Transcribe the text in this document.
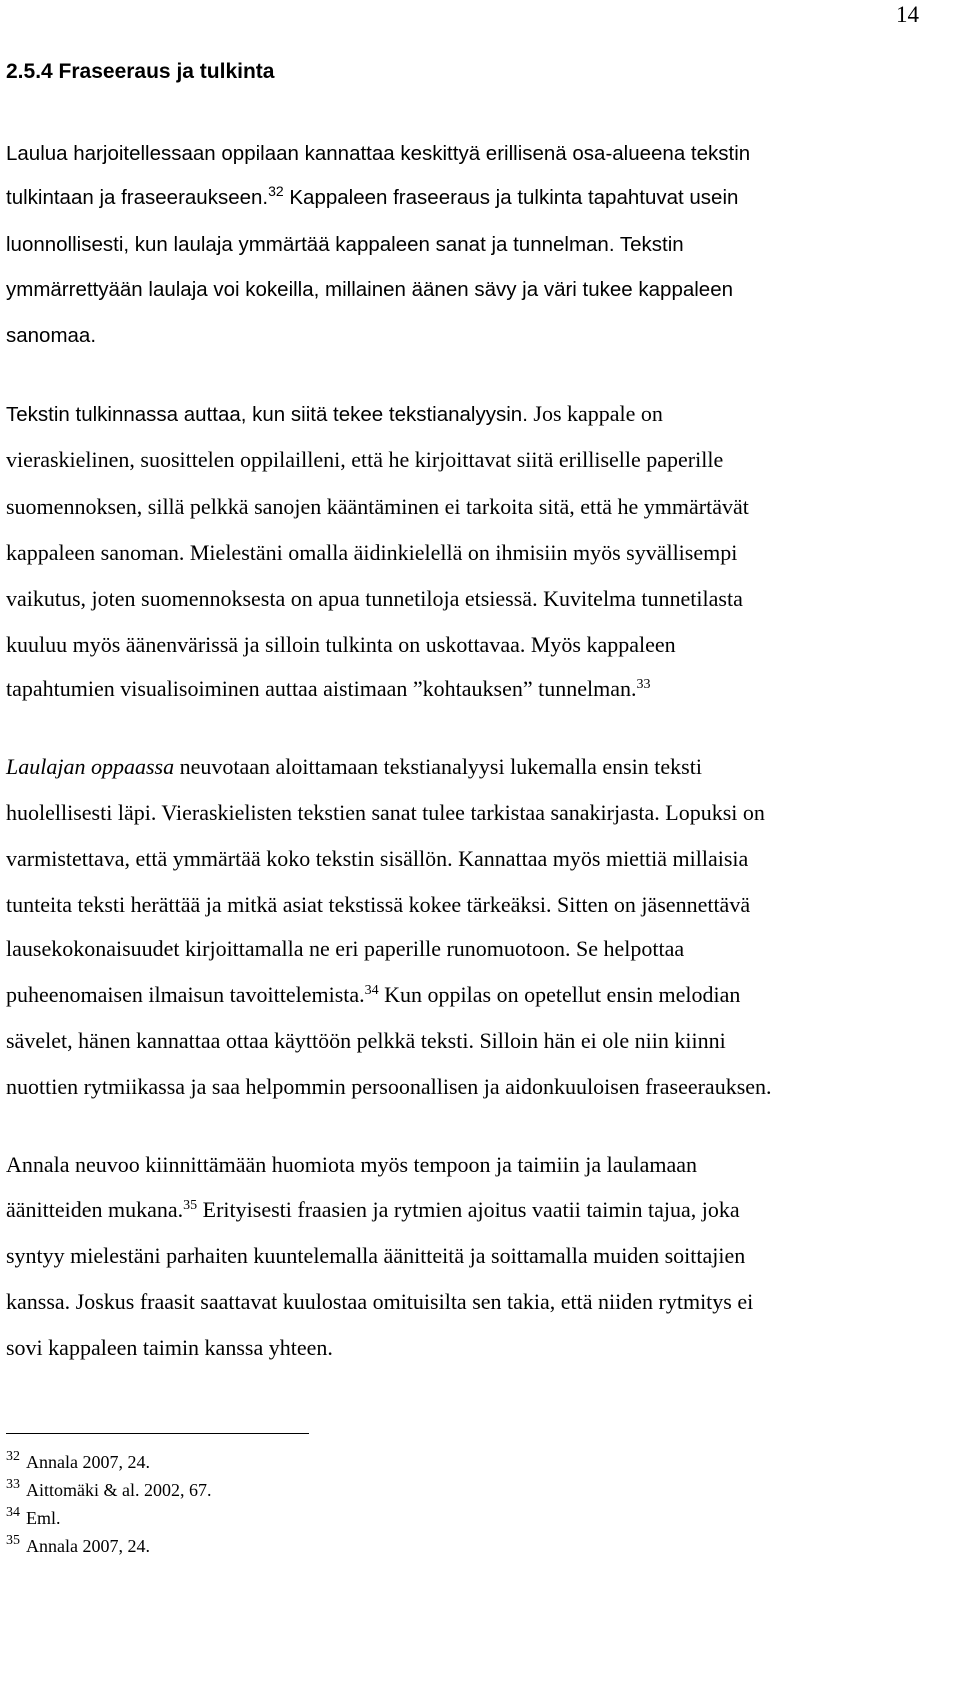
14
2.5.4 Fraseeraus ja tulkinta
Laulua harjoitellessaan oppilaan kannattaa keskittyä erillisenä osa-alueena tekstin
tulkintaan ja fraseeraukseen.$^{32}$ Kappaleen fraseeraus ja tulkinta tapahtuvat usein
luonnollisesti, kun laulaja ymmärtää kappaleen sanat ja tunnelman. Tekstin
ymmärrettyään laulaja voi kokeilla, millainen äänen sävy ja väri tukee kappaleen
sanomaa.
Tekstin tulkinnassa auttaa, kun siitä tekee tekstianalyysin. Jos kappale on
vieraskielinen, suosittelen oppilailleni, että he kirjoittavat siitä erilliselle paperille
suomennoksen, sillä pelkkä sanojen kääntäminen ei tarkoita sitä, että he ymmärtävät
kappaleen sanoman. Mielestäni omalla äidinkielellä on ihmisiin myös syvällisempi
vaikutus, joten suomennoksesta on apua tunnetiloja etsiessä. Kuvitelma tunnetilasta
kuuluu myös äänenvärissä ja silloin tulkinta on uskottavaa. Myös kappaleen
tapahtumien visualisoiminen auttaa aistimaan ”kohtauksen” tunnelman.$^{33}$
Laulajan oppaassa neuvotaan aloittamaan tekstianalyysi lukemalla ensin teksti
huolellisesti läpi. Vieraskielisten tekstien sanat tulee tarkistaa sanakirjasta. Lopuksi on
varmistettava, että ymmärtää koko tekstin sisällön. Kannattaa myös miettiä millaisia
tunteita teksti herättää ja mitkä asiat tekstissä kokee tärkeäksi. Sitten on jäsennettävä
lausekokonaisuudet kirjoittamalla ne eri paperille runomuotoon. Se helpottaa
puheenomaisen ilmaisun tavoittelemista.$^{34}$ Kun oppilas on opetellut ensin melodian
sävelet, hänen kannattaa ottaa käyttöön pelkkä teksti. Silloin hän ei ole niin kiinni
nuottien rytmiikassa ja saa helpommin persoonallisen ja aidonkuuloisen fraseerauksen.
Annala neuvoo kiinnittämään huomiota myös tempoon ja taimiin ja laulamaan
äänitteiden mukana.$^{35}$ Erityisesti fraasien ja rytmien ajoitus vaatii taimin tajua, joka
syntyy mielestäni parhaiten kuuntelemalla äänitteitä ja soittamalla muiden soittajien
kanssa. Joskus fraasit saattavat kuulostaa omituisilta sen takia, että niiden rytmitys ei
sovi kappaleen taimin kanssa yhteen.
$^{32}$ Annala 2007, 24.
$^{33}$ Aittomäki & al. 2002, 67.
$^{34}$ Eml.
$^{35}$ Annala 2007, 24.
